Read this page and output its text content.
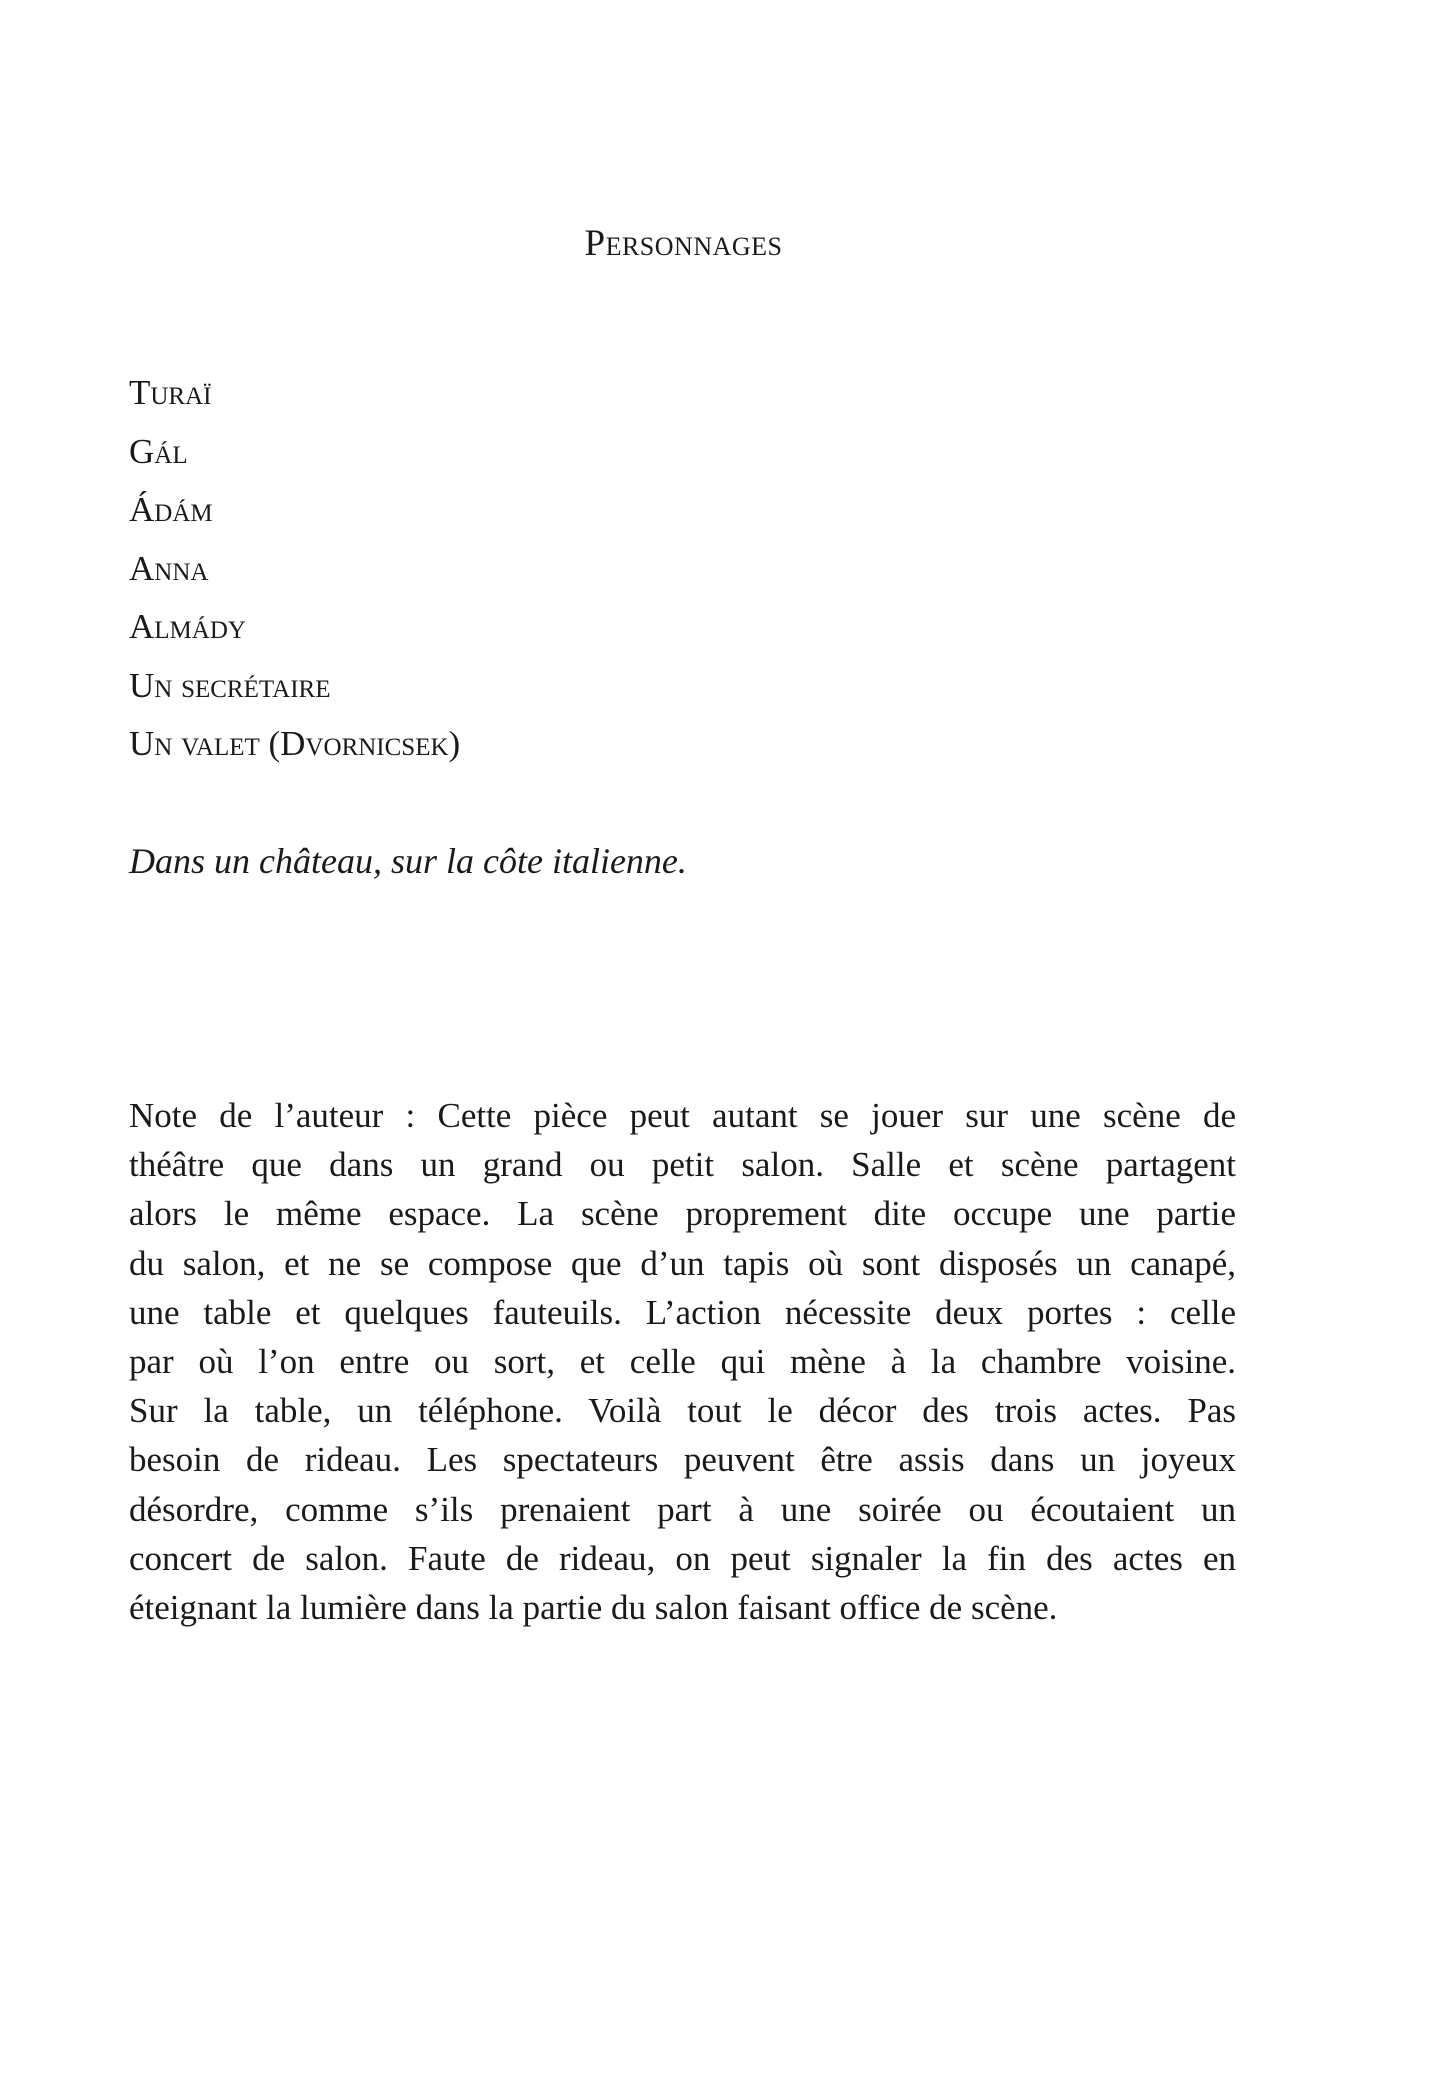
Personnages
Turaï
Gál
Ádám
Anna
Almády
Un secrétaire
Un valet (Dvornicsek)

Dans un château, sur la côte italienne.

Note de l’auteur : Cette pièce peut autant se jouer sur une scène de
théâtre que dans un grand ou petit salon. Salle et scène partagent
alors le même espace. La scène proprement dite occupe une partie
du salon, et ne se compose que d’un tapis où sont disposés un canapé,
une table et quelques fauteuils. L’action nécessite deux portes : celle
par où l’on entre ou sort, et celle qui mène à la chambre voisine.
Sur la table, un téléphone. Voilà tout le décor des trois actes. Pas
besoin de rideau. Les spectateurs peuvent être assis dans un joyeux
désordre, comme s’ils prenaient part à une soirée ou écoutaient un
concert de salon. Faute de rideau, on peut signaler la fin des actes en
éteignant la lumière dans la partie du salon faisant office de scène.
